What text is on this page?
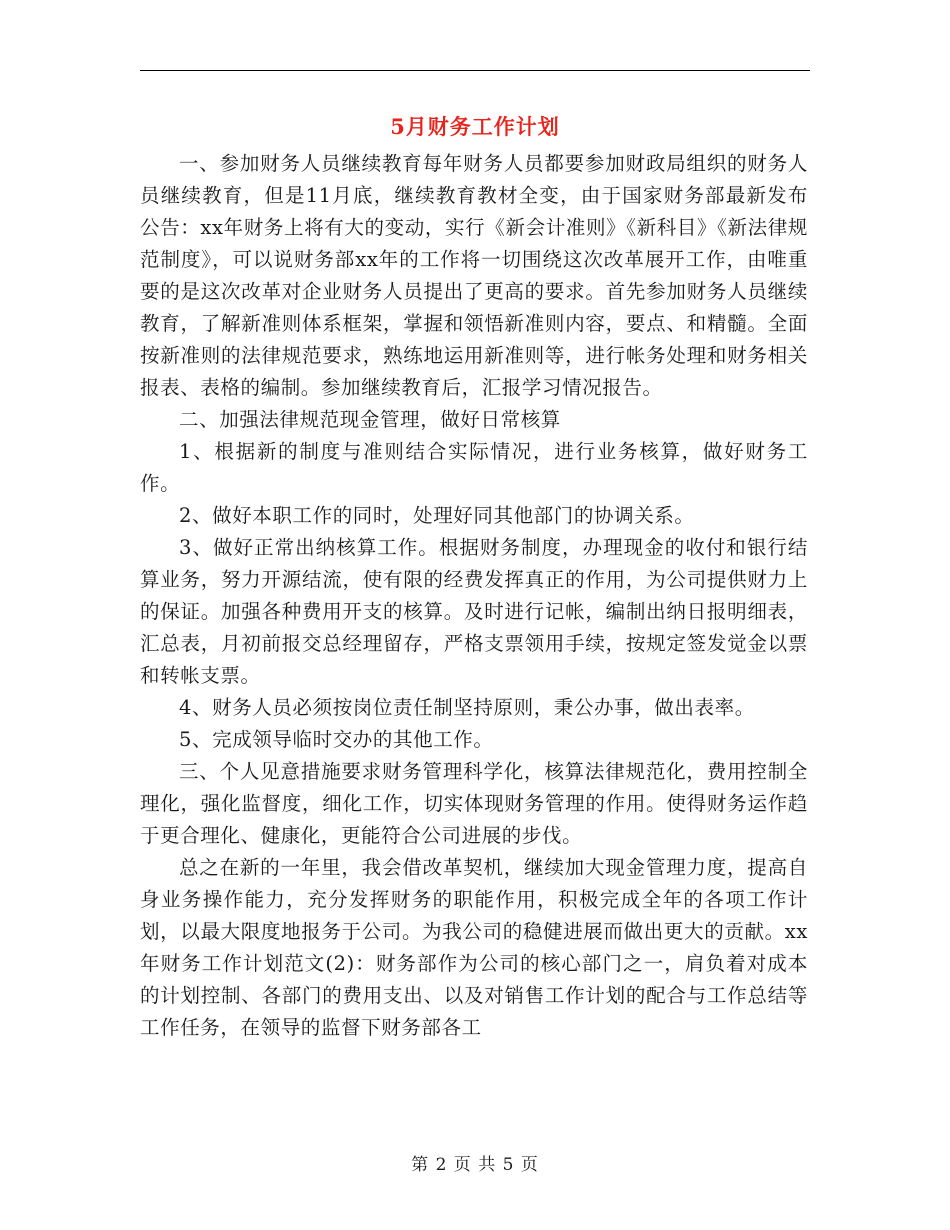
5月财务工作计划

一、参加财务人员继续教育每年财务人员都要参加财政局组织的财务人员继续教育，但是11月底，继续教育教材全变，由于国家财务部最新发布公告：xx年财务上将有大的变动，实行《新会计准则》《新科目》《新法律规范制度》，可以说财务部xx年的工作将一切围绕这次改革展开工作，由唯重要的是这次改革对企业财务人员提出了更高的要求。首先参加财务人员继续教育，了解新准则体系框架，掌握和领悟新准则内容，要点、和精髓。全面按新准则的法律规范要求，熟练地运用新准则等，进行帐务处理和财务相关报表、表格的编制。参加继续教育后，汇报学习情况报告。

二、加强法律规范现金管理，做好日常核算

1、根据新的制度与准则结合实际情况，进行业务核算，做好财务工作。

2、做好本职工作的同时，处理好同其他部门的协调关系。

3、做好正常出纳核算工作。根据财务制度，办理现金的收付和银行结算业务，努力开源结流，使有限的经费发挥真正的作用，为公司提供财力上的保证。加强各种费用开支的核算。及时进行记帐，编制出纳日报明细表，汇总表，月初前报交总经理留存，严格支票领用手续，按规定签发觉金以票和转帐支票。

4、财务人员必须按岗位责任制坚持原则，秉公办事，做出表率。

5、完成领导临时交办的其他工作。

三、个人见意措施要求财务管理科学化，核算法律规范化，费用控制全理化，强化监督度，细化工作，切实体现财务管理的作用。使得财务运作趋于更合理化、健康化，更能符合公司进展的步伐。

总之在新的一年里，我会借改革契机，继续加大现金管理力度，提高自身业务操作能力，充分发挥财务的职能作用，积极完成全年的各项工作计划，以最大限度地报务于公司。为我公司的稳健进展而做出更大的贡献。xx年财务工作计划范文(2)：财务部作为公司的核心部门之一，肩负着对成本的计划控制、各部门的费用支出、以及对销售工作计划的配合与工作总结等工作任务，在领导的监督下财务部各工

第 2 页 共 5 页
